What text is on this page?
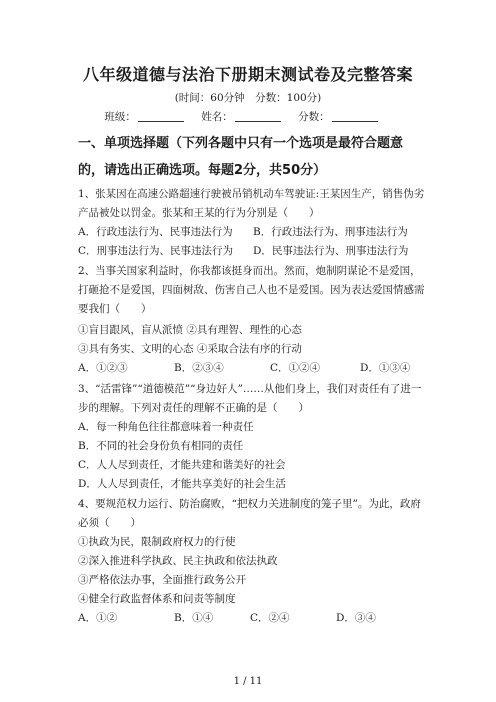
八年级道德与法治下册期末测试卷及完整答案
(时间：60分钟　分数：100分)
班级：	姓名：	分数：
一、单项选择题（下列各题中只有一个选项是最符合题意的，请选出正确选项。每题2分，共50分）
1、张某因在高速公路超速行驶被吊销机动车驾驶证:王某因生产，销售伪劣产品被处以罚金。张某和王某的行为分别是（　　）
A．行政违法行为、民事违法行为	B．行政违法行为、刑事违法行为
C．刑事违法行为、民事违法行为	D．民事违法行为、刑事违法行为
2、当事关国家利益时，你我都该挺身而出。然而，炮制阴谋论不是爱国，打砸抢不是爱国，四面树敌、伤害自己人也不是爱国。因为表达爱国情感需要我们（　　）
①盲目跟风，盲从派愤 ②具有理智、理性的心态
③具有务实、文明的心态 ④采取合法有序的行动
A．①②③	B．②③④	C．①②④	D．①③④
3、“活雷锋”“道德模范”“身边好人”……从他们身上，我们对责任有了进一步的理解。下列对责任的理解不正确的是（　　）
A．每一种角色往往都意味着一种责任
B．不同的社会身份负有相同的责任
C．人人尽到责任，才能共建和谐美好的社会
D．人人尽到责任，才能共享美好的社会生活
4、要规范权力运行、防治腐败，“把权力关进制度的笼子里”。为此，政府必须（　　）
①执政为民，限制政府权力的行使
②深入推进科学执政、民主执政和依法执政
③严格依法办事，全面推行政务公开
④健全行政监督体系和问责等制度
A．①②	B．①④	C．②④	D．③④
1 / 11
